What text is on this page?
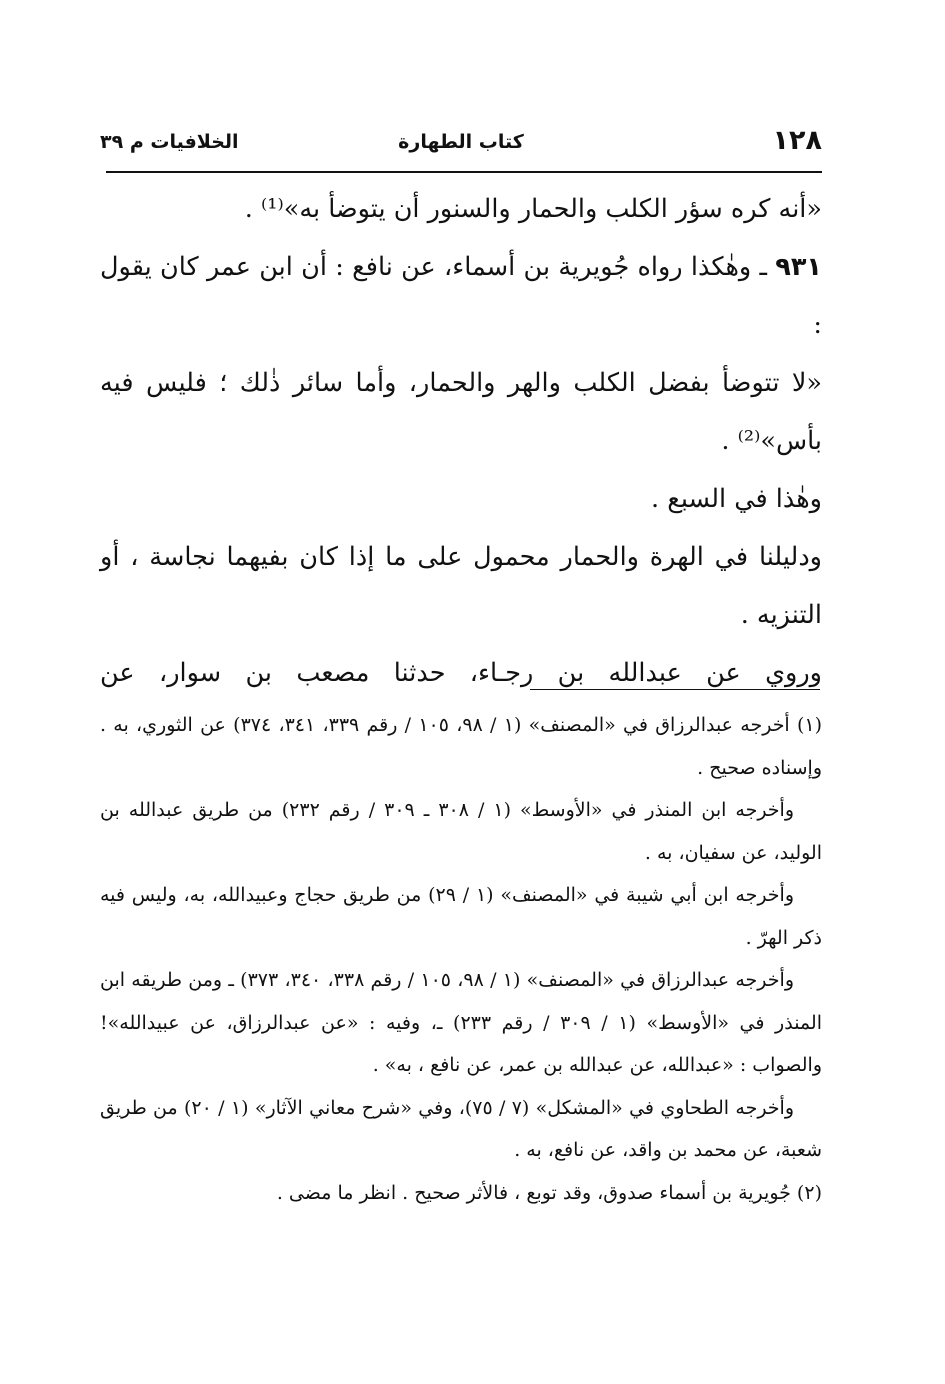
١٢٨
كتاب الطهارة
الخلافيات م ٣٩

«أنه كره سؤر الكلب والحمار والسنور أن يتوضأ به»⁽¹⁾ .

٩٣١ ـ وهٰكذا رواه جُويرية بن أسماء، عن نافع : أن ابن عمر كان يقول :

«لا تتوضأ بفضل الكلب والهر والحمار، وأما سائر ذٰلك ؛ فليس فيه بأس»⁽²⁾ .

وهٰذا في السبع .

ودليلنا في الهرة والحمار محمول على ما إذا كان بفيهما نجاسة ، أو التنزيه .

وروي عن عبدالله بن رجـاء، حدثنا مصعب بن سوار، عن

(١) أخرجه عبدالرزاق في «المصنف» (١ / ٩٨، ١٠٥ / رقم ٣٣٩، ٣٤١، ٣٧٤) عن الثوري، به . وإسناده صحيح .

وأخرجه ابن المنذر في «الأوسط» (١ / ٣٠٨ ـ ٣٠٩ / رقم ٢٣٢) من طريق عبدالله بن الوليد، عن سفيان، به .

وأخرجه ابن أبي شيبة في «المصنف» (١ / ٢٩) من طريق حجاج وعبيدالله، به، وليس فيه ذكر الهرّ .

وأخرجه عبدالرزاق في «المصنف» (١ / ٩٨، ١٠٥ / رقم ٣٣٨، ٣٤٠، ٣٧٣) ـ ومن طريقه ابن المنذر في «الأوسط» (١ / ٣٠٩ / رقم ٢٣٣) ـ، وفيه : «عن عبدالرزاق، عن عبيدالله»! والصواب : «عبدالله، عن عبدالله بن عمر، عن نافع ، به» .

وأخرجه الطحاوي في «المشكل» (٧ / ٧٥)، وفي «شرح معاني الآثار» (١ / ٢٠) من طريق شعبة، عن محمد بن واقد، عن نافع، به .

(٢) جُويرية بن أسماء صدوق، وقد توبع ، فالأثر صحيح . انظر ما مضى .
